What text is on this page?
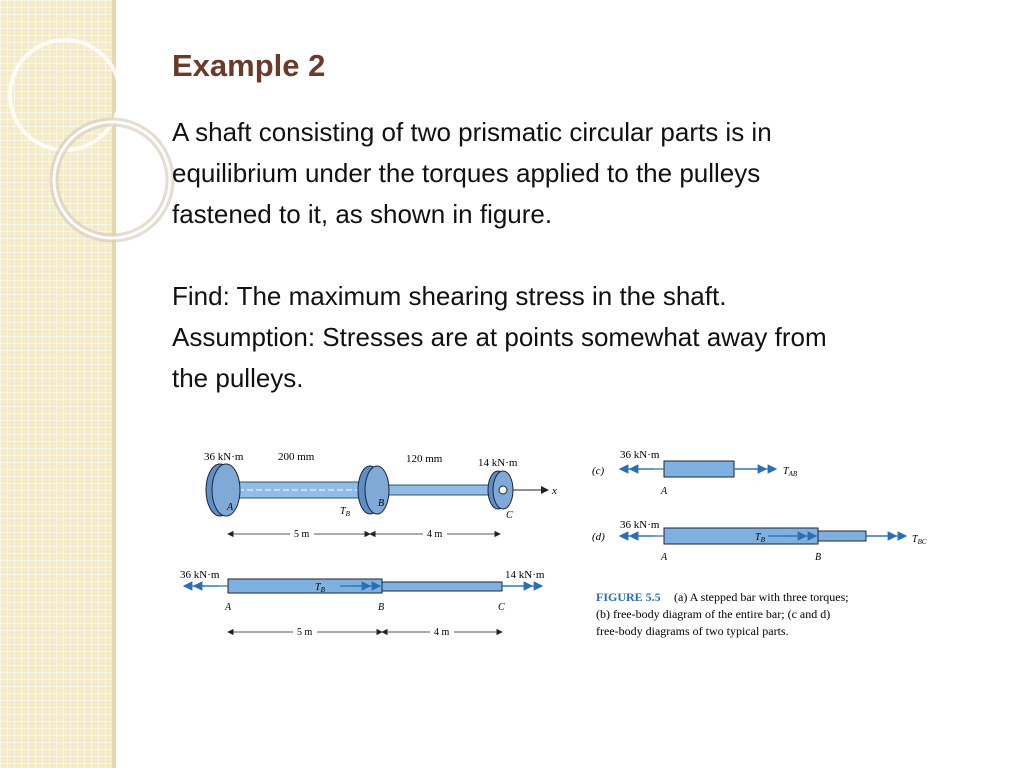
Example 2

A shaft consisting of two prismatic circular parts is in

equilibrium under the torques applied to the pulleys

fastened to it, as shown in figure.

Find: The maximum shearing stress in the shaft.

Assumption: Stresses are at points somewhat away from

the pulleys.

36 kN·m	200 mm	120 mm	14 kN·m
x
A	B
C
$T_B$
5 m	4 m
36 kN·m	14 kN·m
$T_B$
A	B	C
5 m	4 m
(c)
36 kN·m
$T_{AB}$
A
(d)
36 kN·m
$T_B$	$T_{BC}$
A	B
FIGURE 5.5 (a) A stepped bar with three torques;
(b) free-body diagram of the entire bar; (c and d)
free-body diagrams of two typical parts.
